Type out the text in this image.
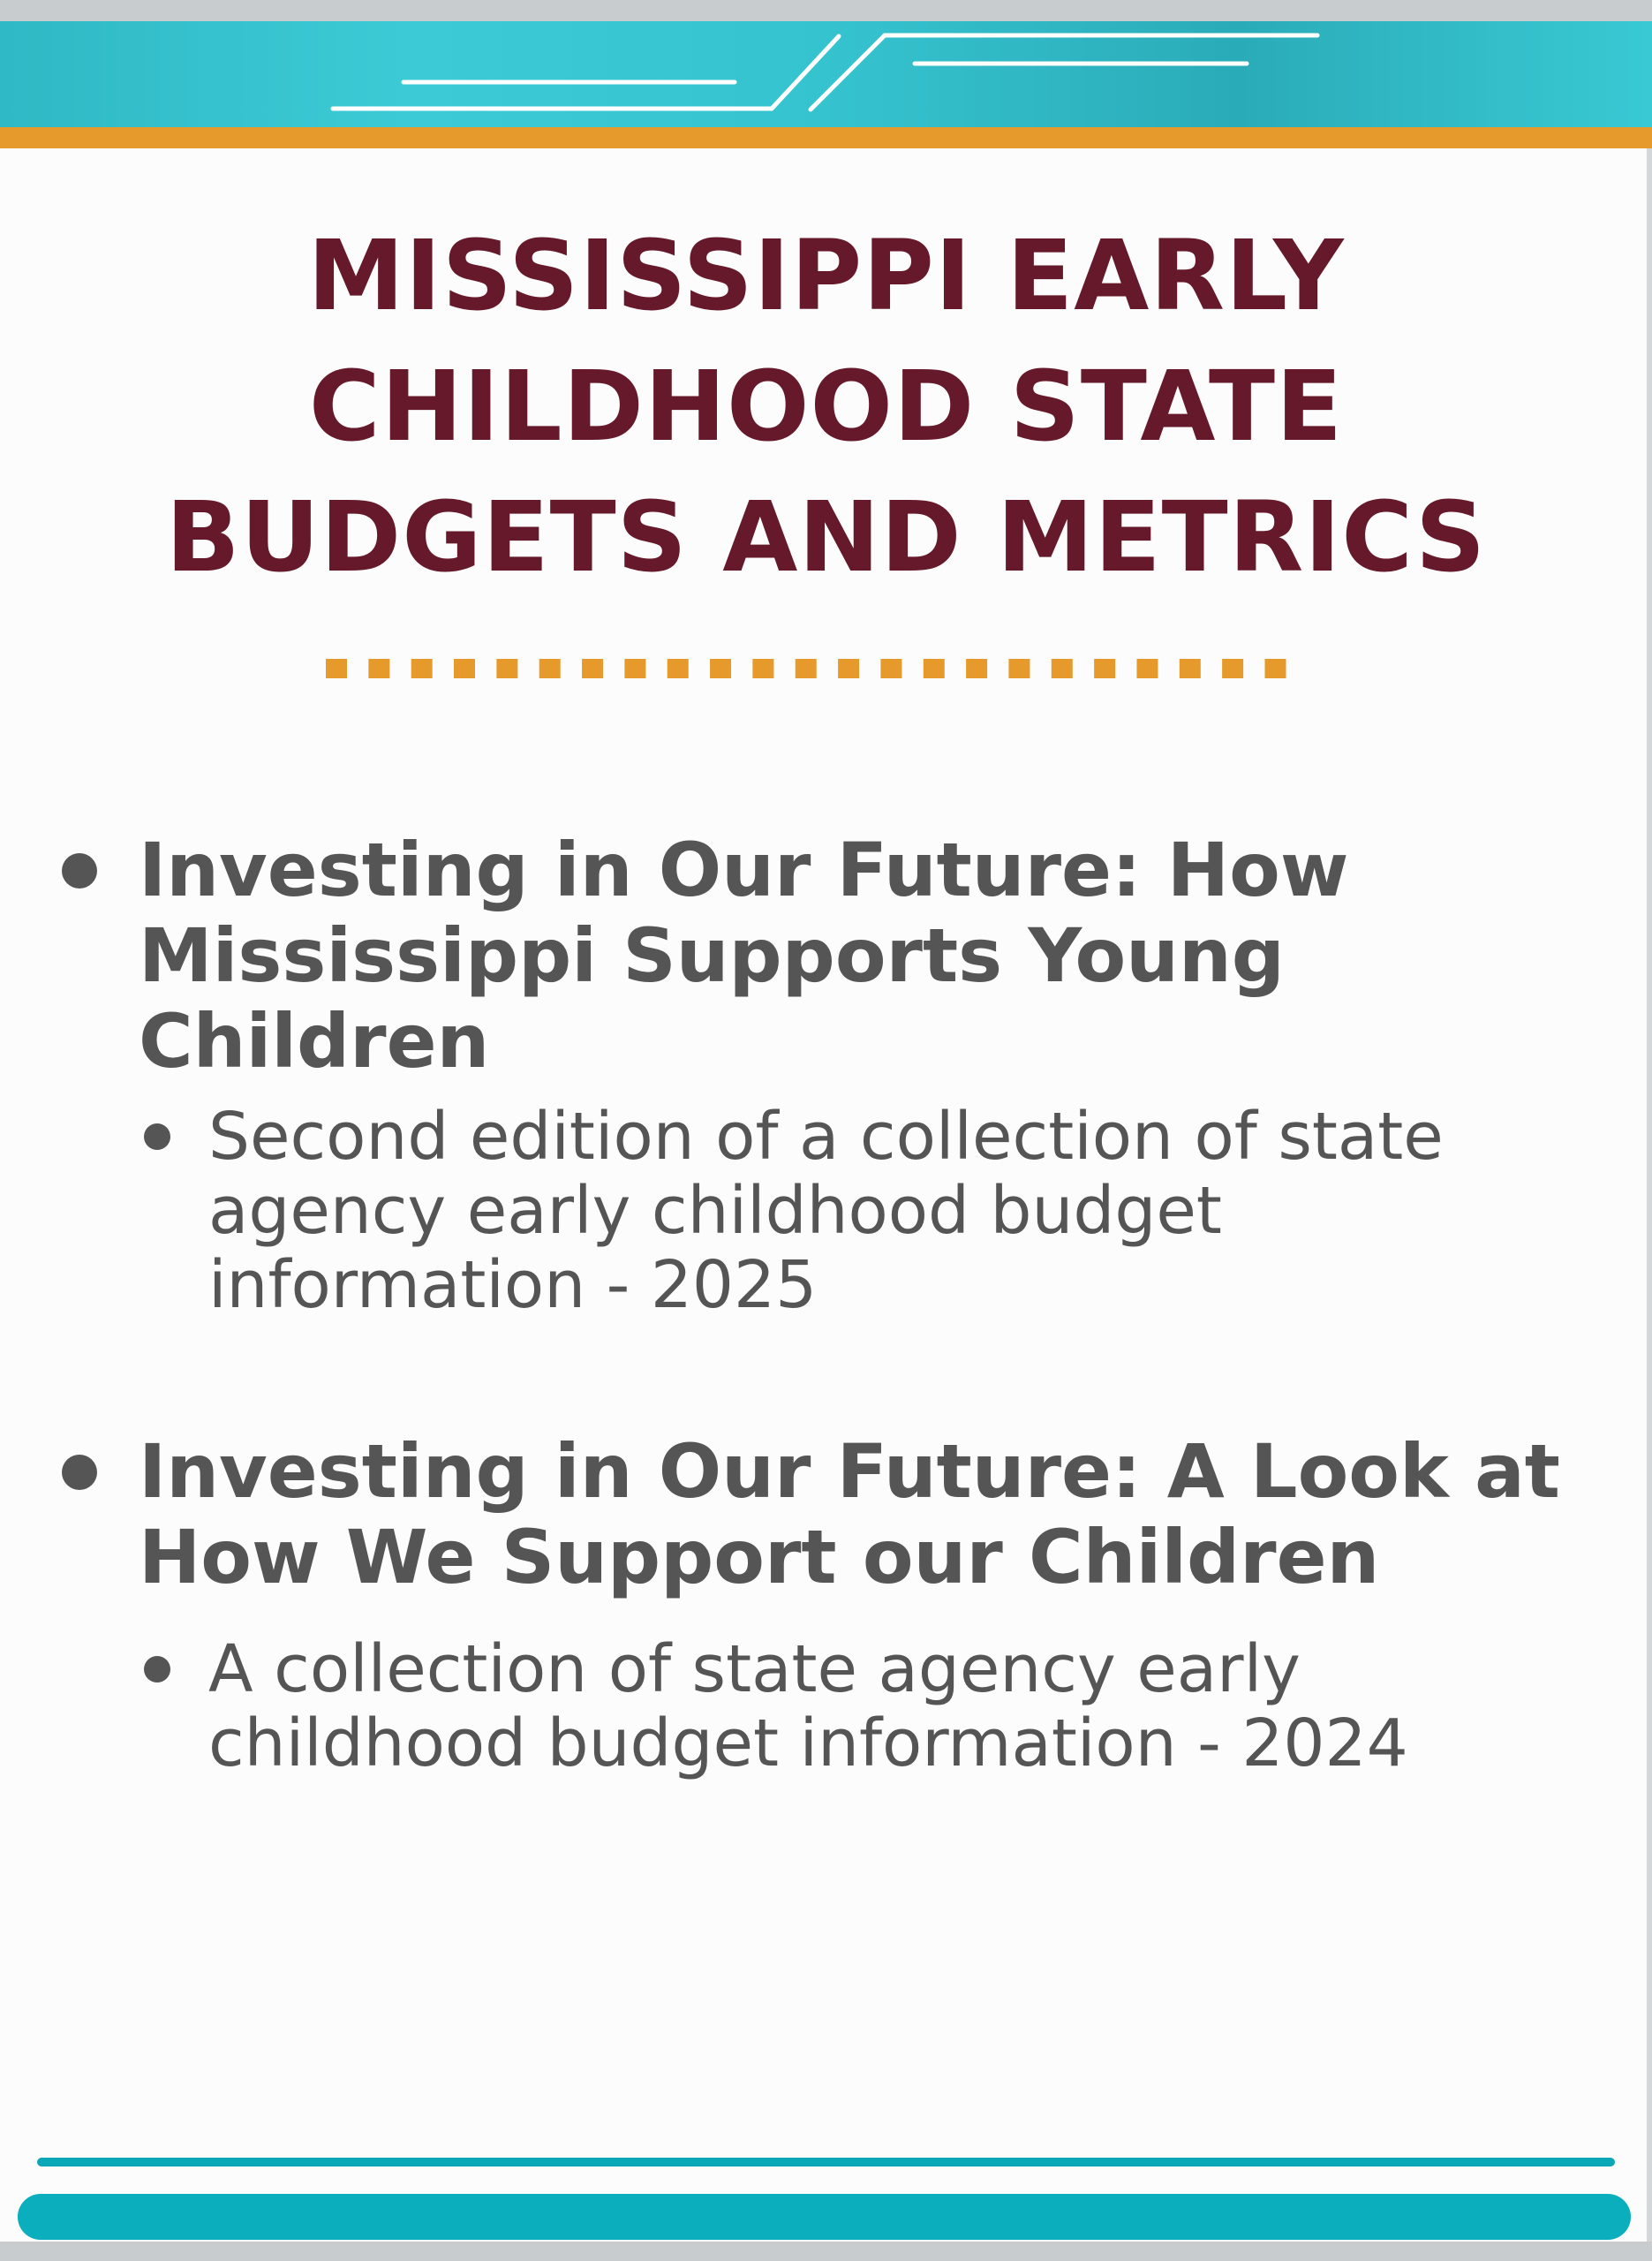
MISSISSIPPI EARLY
CHILDHOOD STATE
BUDGETS AND METRICS
Investing in Our Future: How
Mississippi Supports Young
Children

Second edition of a collection of state
agency early childhood budget
information - 2025

Investing in Our Future: A Look at
How We Support our Children

A collection of state agency early
childhood budget information - 2024
